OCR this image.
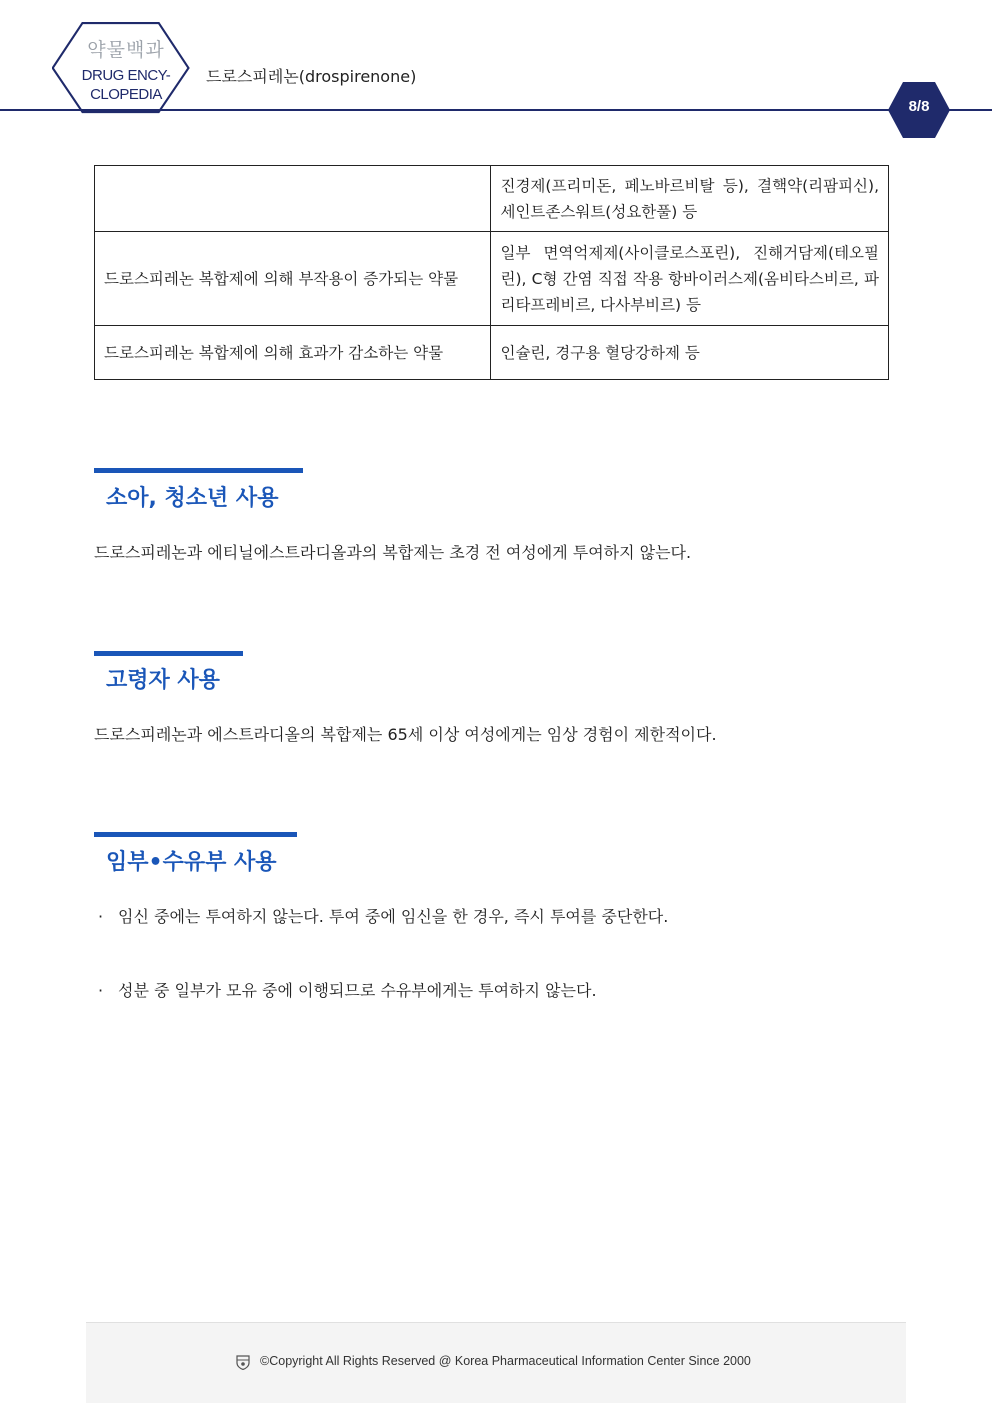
약물백과
DRUG ENCY-
CLOPEDIA
드로스피레논(drospirenone)
8/8
	진경제(프리미돈, 페노바르비탈 등), 결핵약(리팜피신), 세인트존스워트(성요한풀) 등
드로스피레논 복합제에 의해 부작용이 증가되는 약물	일부 면역억제제(사이클로스포린), 진해거담제(테오필린), C형 간염 직접 작용 항바이러스제(옴비타스비르, 파리타프레비르, 다사부비르) 등
드로스피레논 복합제에 의해 효과가 감소하는 약물	인슐린, 경구용 혈당강하제 등
소아, 청소년 사용
드로스피레논과 에티닐에스트라디올과의 복합제는 초경 전 여성에게 투여하지 않는다.
고령자 사용
드로스피레논과 에스트라디올의 복합제는 65세 이상 여성에게는 임상 경험이 제한적이다.
임부•수유부 사용
· 임신 중에는 투여하지 않는다. 투여 중에 임신을 한 경우, 즉시 투여를 중단한다.
· 성분 중 일부가 모유 중에 이행되므로 수유부에게는 투여하지 않는다.
©Copyright All Rights Reserved @ Korea Pharmaceutical Information Center Since 2000
